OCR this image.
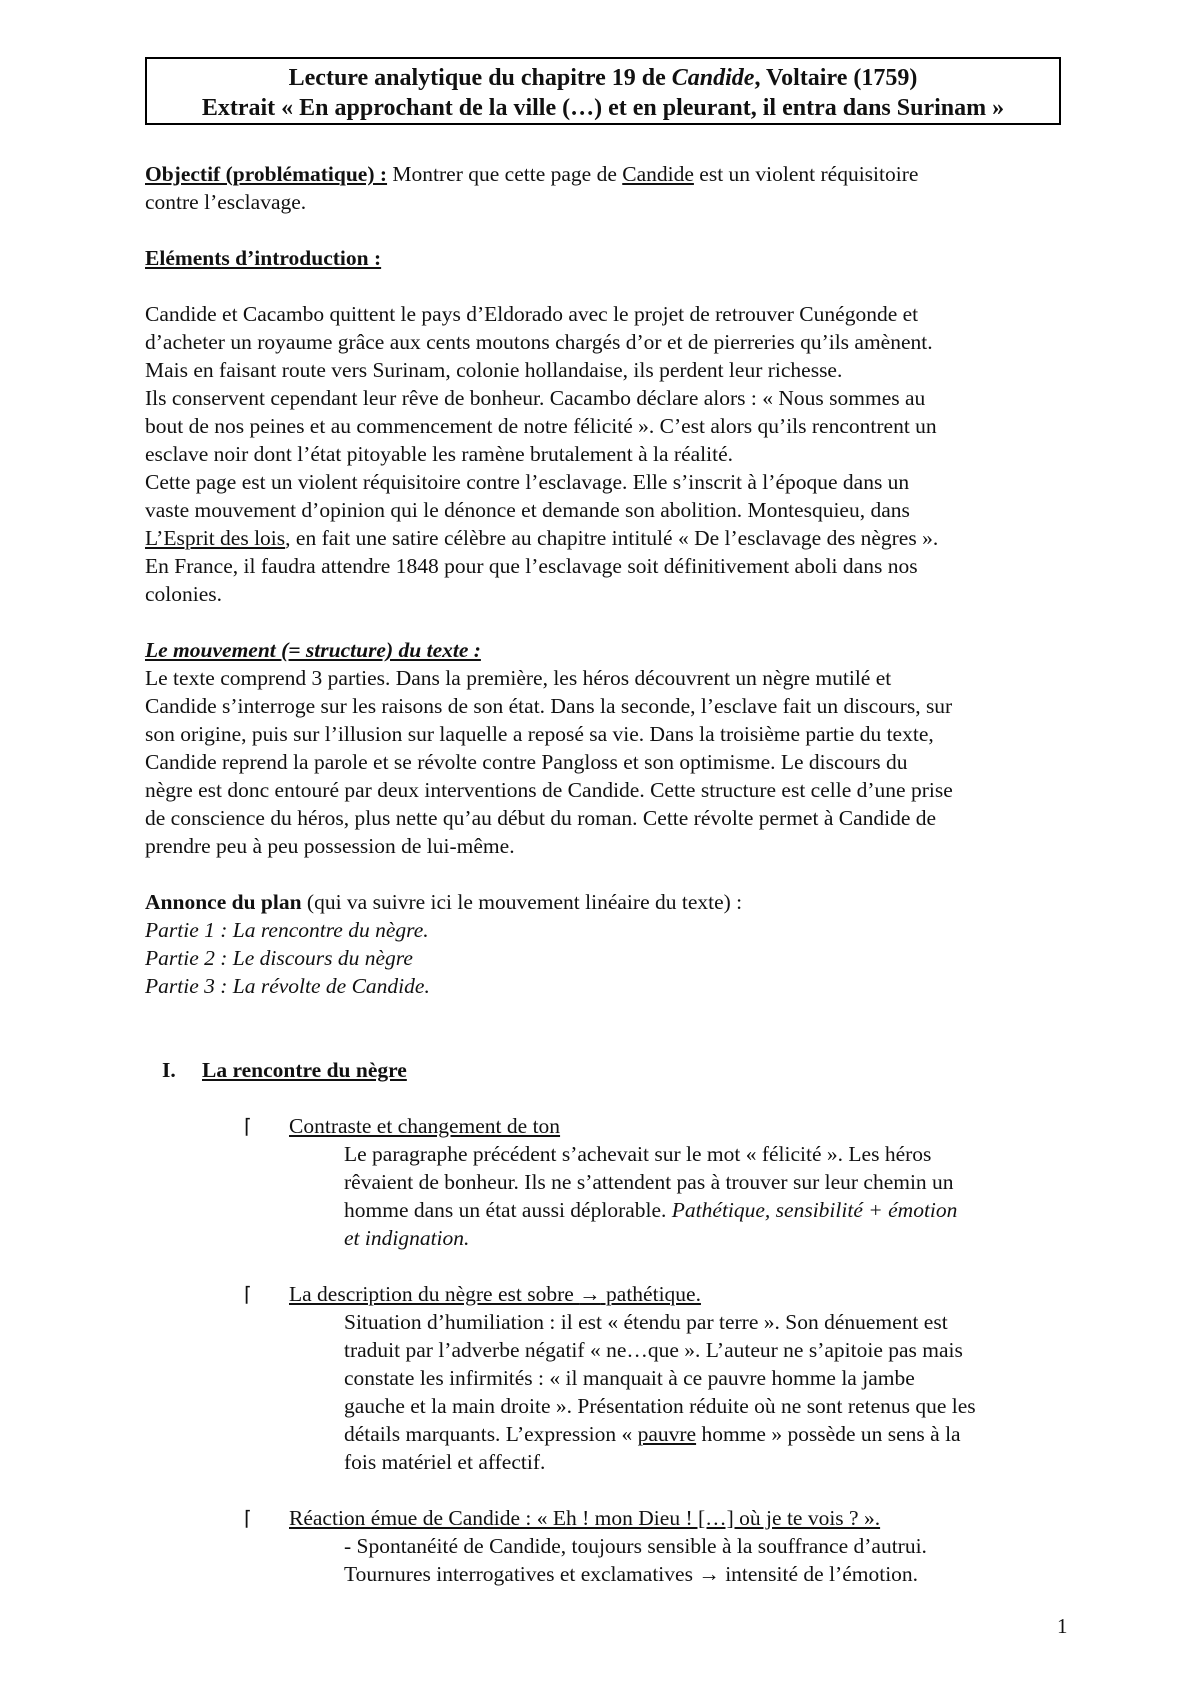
Lecture analytique du chapitre 19 de Candide, Voltaire (1759)
Extrait « En approchant de la ville (…) et en pleurant, il entra dans Surinam »

Objectif (problématique) : Montrer que cette page de Candide est un violent réquisitoire

contre l’esclavage.

Eléments d’introduction :

Candide et Cacambo quittent le pays d’Eldorado avec le projet de retrouver Cunégonde et

d’acheter un royaume grâce aux cents moutons chargés d’or et de pierreries qu’ils amènent.

Mais en faisant route vers Surinam, colonie hollandaise, ils perdent leur richesse.

Ils conservent cependant leur rêve de bonheur. Cacambo déclare alors : « Nous sommes au

bout de nos peines et au commencement de notre félicité ». C’est alors qu’ils rencontrent un

esclave noir dont l’état pitoyable les ramène brutalement à la réalité.

Cette page est un violent réquisitoire contre l’esclavage. Elle s’inscrit à l’époque dans un

vaste mouvement d’opinion qui le dénonce et demande son abolition. Montesquieu, dans

L’Esprit des lois, en fait une satire célèbre au chapitre intitulé « De l’esclavage des nègres ».

En France, il faudra attendre 1848 pour que l’esclavage soit définitivement aboli dans nos

colonies.

Le mouvement (= structure) du texte :

Le texte comprend 3 parties. Dans la première, les héros découvrent un nègre mutilé et

Candide s’interroge sur les raisons de son état. Dans la seconde, l’esclave fait un discours, sur

son origine, puis sur l’illusion sur laquelle a reposé sa vie. Dans la troisième partie du texte,

Candide reprend la parole et se révolte contre Pangloss et son optimisme. Le discours du

nègre est donc entouré par deux interventions de Candide. Cette structure est celle d’une prise

de conscience du héros, plus nette qu’au début du roman. Cette révolte permet à Candide de

prendre peu à peu possession de lui-même.

Annonce du plan (qui va suivre ici le mouvement linéaire du texte) :

Partie 1 : La rencontre du nègre.

Partie 2 : Le discours du nègre

Partie 3 : La révolte de Candide.

I. La rencontre du nègre

⌈ Contraste et changement de ton

Le paragraphe précédent s’achevait sur le mot « félicité ». Les héros

rêvaient de bonheur. Ils ne s’attendent pas à trouver sur leur chemin un

homme dans un état aussi déplorable. Pathétique, sensibilité + émotion

et indignation.

⌈ La description du nègre est sobre → pathétique.

Situation d’humiliation : il est « étendu par terre ». Son dénuement est

traduit par l’adverbe négatif « ne…que ». L’auteur ne s’apitoie pas mais

constate les infirmités : « il manquait à ce pauvre homme la jambe

gauche et la main droite ». Présentation réduite où ne sont retenus que les

détails marquants. L’expression « pauvre homme » possède un sens à la

fois matériel et affectif.

⌈ Réaction émue de Candide : « Eh ! mon Dieu ! […] où je te vois ? ».

- Spontanéité de Candide, toujours sensible à la souffrance d’autrui.

Tournures interrogatives et exclamatives → intensité de l’émotion.

1
